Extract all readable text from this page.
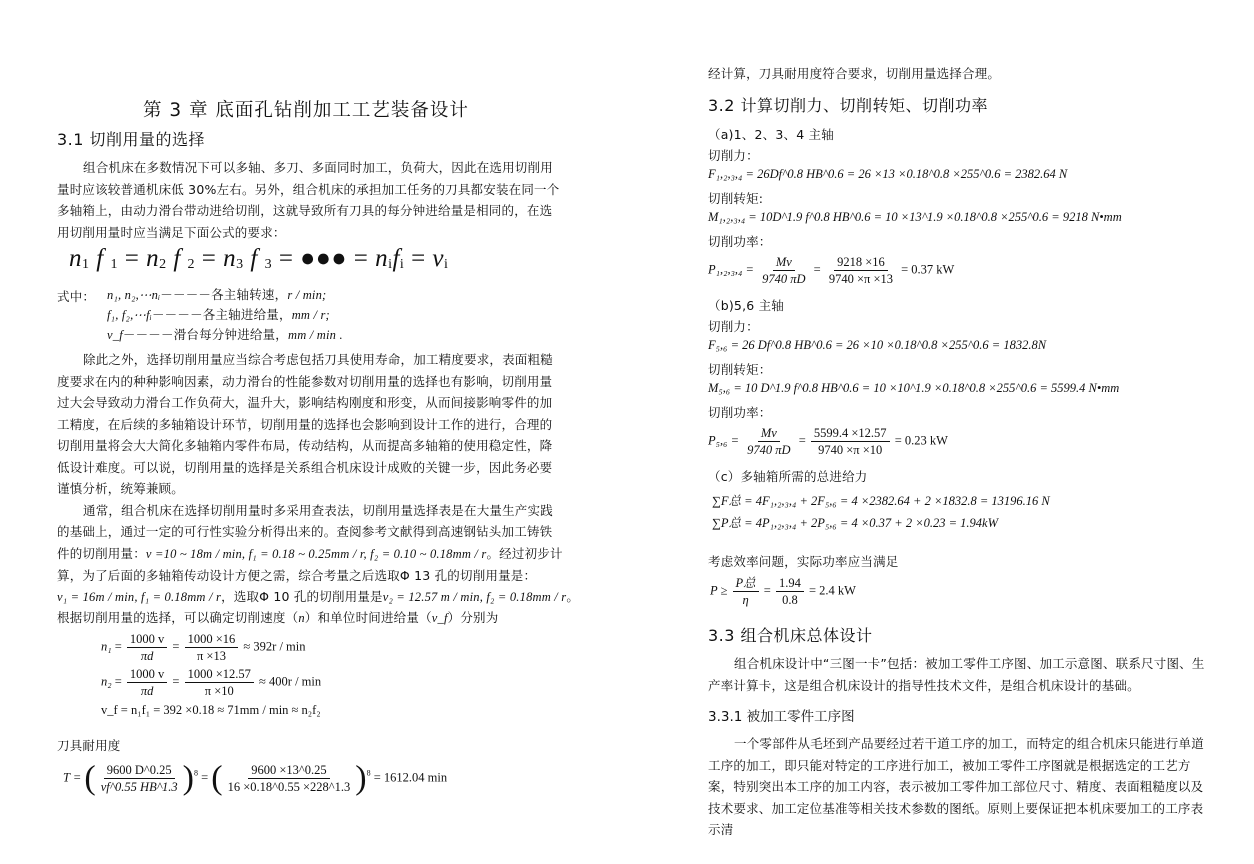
第 3 章 底面孔钻削加工工艺装备设计
3.1 切削用量的选择
组合机床在多数情况下可以多轴、多刀、多面同时加工，负荷大，因此在选用切削用量时应该较普通机床低 30%左右。另外，组合机床的承担加工任务的刀具都安装在同一个多轴箱上，由动力滑台带动进给切削，这就导致所有刀具的每分钟进给量是相同的，在选用切削用量时应当满足下面公式的要求：
n1 f 1 = n2 f 2 = n3 f 3 = ●●● = nifi = vi
式中： n₁, n₂,⋯nᵢ－－－－各主轴转速，r / min;
f₁, f₂,⋯fᵢ－－－－各主轴进给量，mm / r;
v_f－－－－滑台每分钟进给量，mm / min .
除此之外，选择切削用量应当综合考虑包括刀具使用寿命，加工精度要求，表面粗糙度要求在内的种种影响因素，动力滑台的性能参数对切削用量的选择也有影响，切削用量过大会导致动力滑台工作负荷大，温升大，影响结构刚度和形变，从而间接影响零件的加工精度，在后续的多轴箱设计环节，切削用量的选择也会影响到设计工作的进行，合理的切削用量将会大大简化多轴箱内零件布局，传动结构，从而提高多轴箱的使用稳定性，降低设计难度。可以说，切削用量的选择是关系组合机床设计成败的关键一步，因此务必要谨慎分析，统筹兼顾。
通常，组合机床在选择切削用量时多采用查表法，切削用量选择表是在大量生产实践
的基础上，通过一定的可行性实验分析得出来的。查阅参考文献得到高速钢钻头加工铸铁
件的切削用量：v =10 ~ 18m / min, f₁ = 0.18 ~ 0.25mm / r, f₂ = 0.10 ~ 0.18mm / r。经过初步计
算，为了后面的多轴箱传动设计方便之需，综合考量之后选取Φ 13 孔的切削用量是：
v₁ = 16m / min, f₁ = 0.18mm / r，选取Φ 10 孔的切削用量是v₂ = 12.57 m / min, f₂ = 0.18mm / r。
根据切削用量的选择，可以确定切削速度（n）和单位时间进给量（v_f）分别为
$n_1 = \frac{1000 v}{\pi d} = \frac{1000 \times 16}{\pi \times 13} \approx 392r / \min$
$n_2 = \frac{1000 v}{\pi d} = \frac{1000 \times 12.57}{\pi \times 10} \approx 400r / \min$
v_f = n₁f₁ = 392 ×0.18 ≈ 71mm / min ≈ n₂f₂
刀具耐用度
T = ( $\frac{9600 D\^{}0.25}{vf\^{}0.55 HB\^{}1.3} )^8$ = ( $\frac{9600 \times 13\^{}0.25}{16 \times 0.18\^{}0.55 \times 228\^{}1.3} )^8 = 1612.04$ min
经计算，刀具耐用度符合要求，切削用量选择合理。
3.2 计算切削力、切削转矩、切削功率
（a)1、2、3、4 主轴
切削力：
F₁,₂,₃,₄ = 26Df^0.8 HB^0.6 = 26 ×13 ×0.18^0.8 ×255^0.6 = 2382.64 N
切削转矩:
M₁,₂,₃,₄ = 10D^1.9 f^0.8 HB^0.6 = 10 ×13^1.9 ×0.18^0.8 ×255^0.6 = 9218 N•mm
切削功率：
$P_1,_2,_3,_4 = \frac{Mv}{9740 \pi D} = \frac{9218 \times 16}{9740 \times\pi \times 13} = 0.37$ kW
（b)5,6 主轴
切削力：
F₅,₆ = 26 Df^0.8 HB^0.6 = 26 ×10 ×0.18^0.8 ×255^0.6 = 1832.8N
切削转矩：
M₅,₆ = 10 D^1.9 f^0.8 HB^0.6 = 10 ×10^1.9 ×0.18^0.8 ×255^0.6 = 5599.4 N•mm
切削功率：
$P_5,_6 = \frac{Mv}{9740 \pi D} = \frac{5599.4 \times 12.57}{9740 \times\pi \times 10} = 0.23$ kW
（c）多轴箱所需的总进给力
∑F总 = 4F₁,₂,₃,₄ + 2F₅,₆ = 4 ×2382.64 + 2 ×1832.8 = 13196.16 N
∑P总 = 4P₁,₂,₃,₄ + 2P₅,₆ = 4 ×0.37 + 2 ×0.23 = 1.94kW
考虑效率问题，实际功率应当满足
$P \ge \frac{\text{P总}}{\eta} = \frac{1.94}{0.8} = 2.4$ kW
3.3 组合机床总体设计
组合机床设计中“三图一卡”包括：被加工零件工序图、加工示意图、联系尺寸图、生产率计算卡，这是组合机床设计的指导性技术文件，是组合机床设计的基础。
3.3.1 被加工零件工序图
一个零部件从毛坯到产品要经过若干道工序的加工，而特定的组合机床只能进行单道工序的加工，即只能对特定的工序进行加工，被加工零件工序图就是根据选定的工艺方案，特别突出本工序的加工内容，表示被加工零件加工部位尺寸、精度、表面粗糙度以及技术要求、加工定位基准等相关技术参数的图纸。原则上要保证把本机床要加工的工序表示清
